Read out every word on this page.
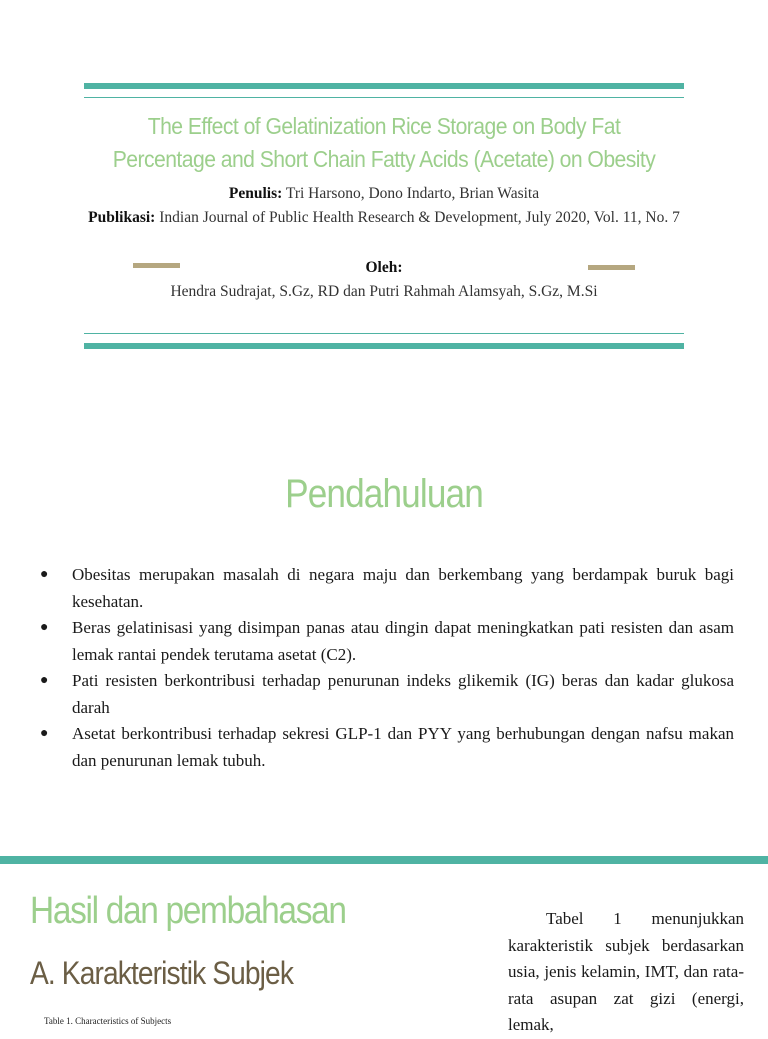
The Effect of Gelatinization Rice Storage on Body Fat
Percentage and Short Chain Fatty Acids (Acetate) on Obesity
Penulis: Tri Harsono, Dono Indarto, Brian Wasita
Publikasi: Indian Journal of Public Health Research & Development, July 2020, Vol. 11, No. 7
Oleh:
Hendra Sudrajat, S.Gz, RD dan Putri Rahmah Alamsyah, S.Gz, M.Si
Pendahuluan
● Obesitas merupakan masalah di negara maju dan berkembang yang berdampak buruk bagi kesehatan.
● Beras gelatinisasi yang disimpan panas atau dingin dapat meningkatkan pati resisten dan asam lemak rantai pendek terutama asetat (C2).
● Pati resisten berkontribusi terhadap penurunan indeks glikemik (IG) beras dan kadar glukosa darah
● Asetat berkontribusi terhadap sekresi GLP-1 dan PYY yang berhubungan dengan nafsu makan dan penurunan lemak tubuh.
Hasil dan pembahasan
A. Karakteristik Subjek
Tabel 1 menunjukkan karakteristik subjek berdasarkan usia, jenis kelamin, IMT, dan rata-rata asupan zat gizi (energi, lemak,
Table 1. Characteristics of Subjects
